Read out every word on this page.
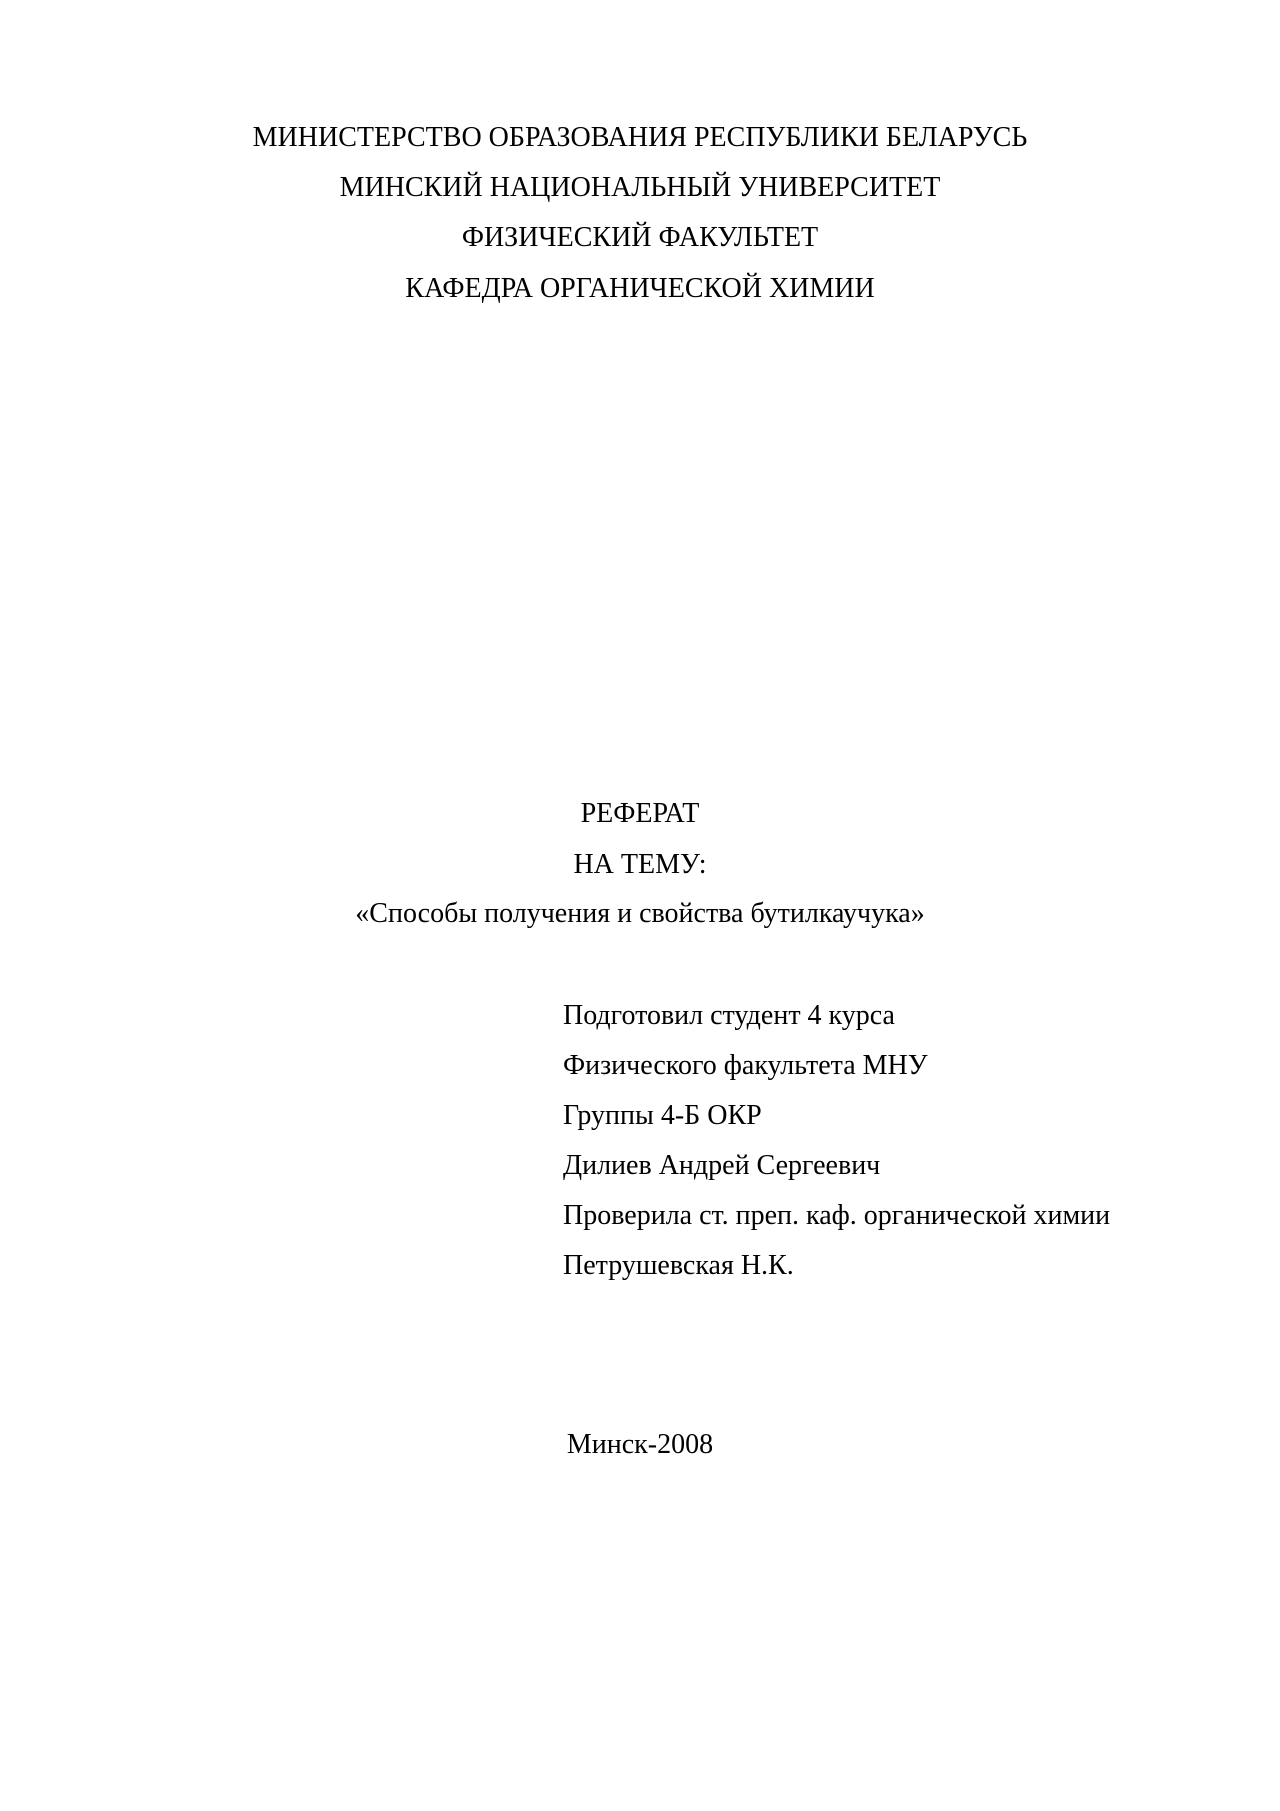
МИНИСТЕРСТВО ОБРАЗОВАНИЯ РЕСПУБЛИКИ БЕЛАРУСЬ
МИНСКИЙ НАЦИОНАЛЬНЫЙ УНИВЕРСИТЕТ
ФИЗИЧЕСКИЙ ФАКУЛЬТЕТ
КАФЕДРА ОРГАНИЧЕСКОЙ ХИМИИ
РЕФЕРАТ
НА ТЕМУ:
«Способы получения и свойства бутилкаучука»
Подготовил студент 4 курса
Физического факультета МНУ
Группы 4-Б ОКР
Дилиев Андрей Сергеевич
Проверила ст. преп. каф. органической химии
Петрушевская Н.К.
Минск-2008
